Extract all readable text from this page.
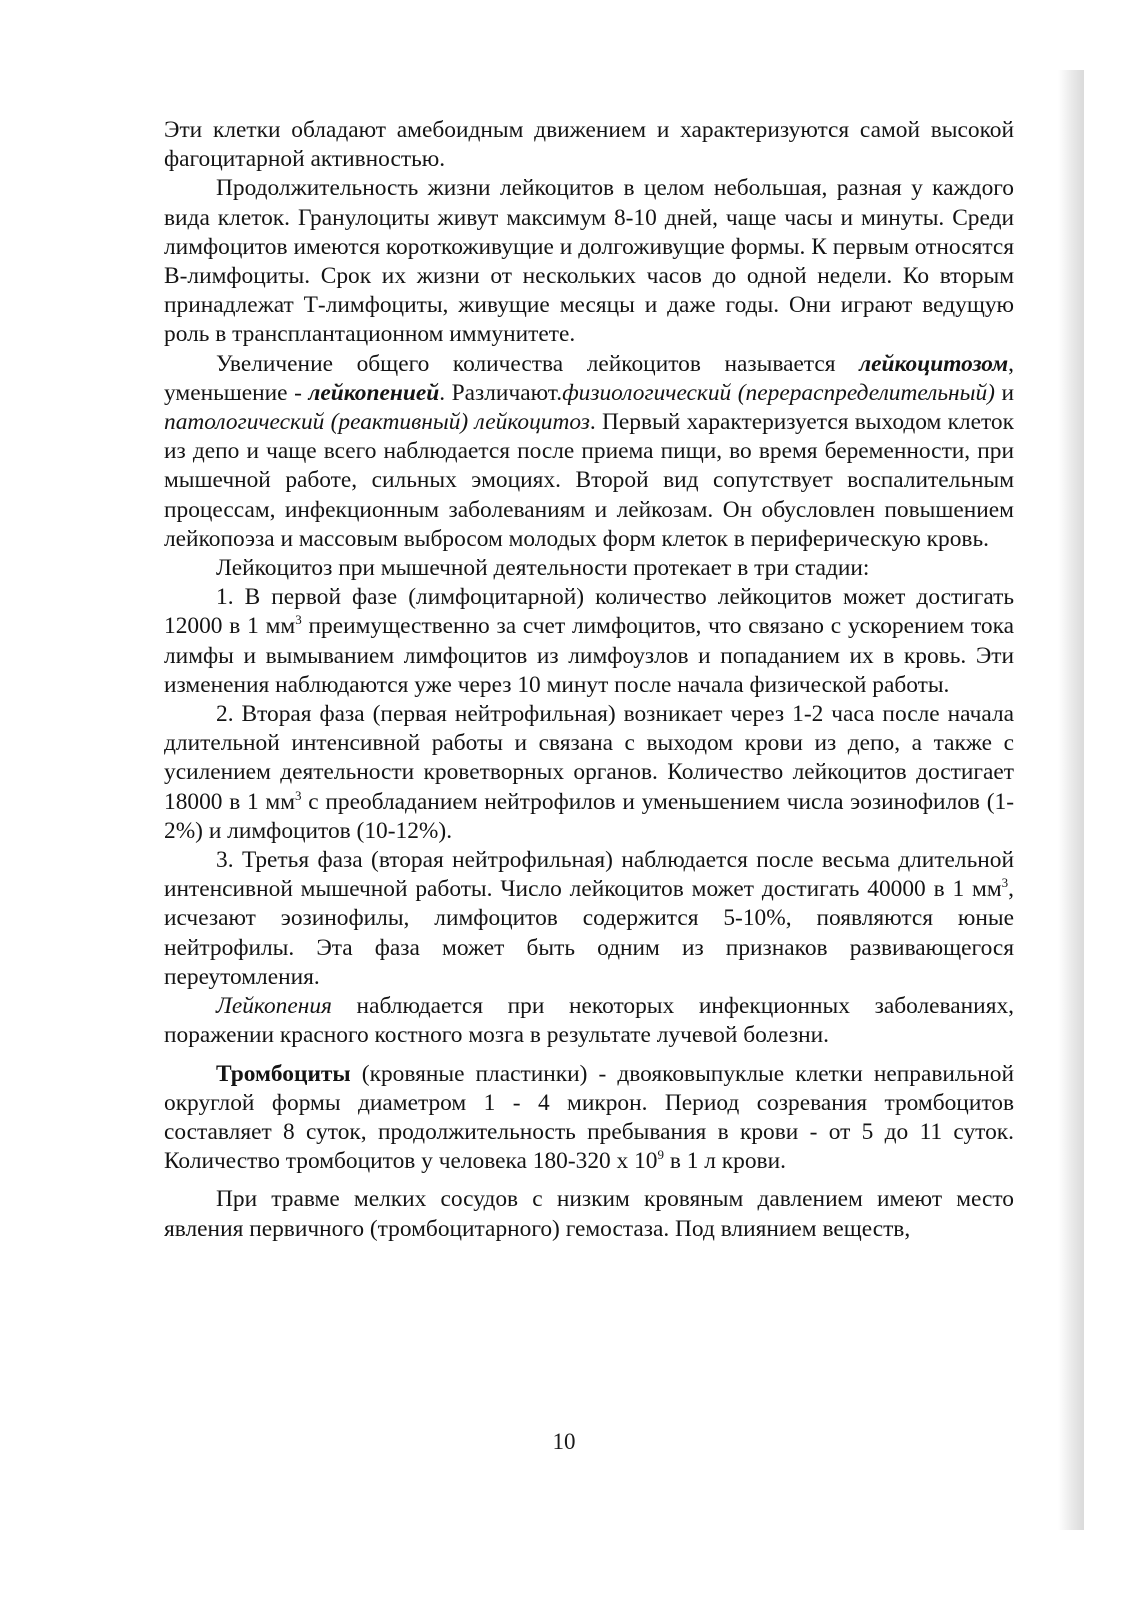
Эти клетки обладают амебоидным движением и характеризуются самой высокой фагоцитарной активностью.

Продолжительность жизни лейкоцитов в целом небольшая, разная у каждого вида клеток. Гранулоциты живут максимум 8-10 дней, чаще часы и минуты. Среди лимфоцитов имеются короткоживущие и долгоживущие формы. К первым относятся В-лимфоциты. Срок их жизни от нескольких часов до одной недели. Ко вторым принадлежат Т-лимфоциты, живущие месяцы и даже годы. Они играют ведущую роль в трансплантационном иммунитете.

Увеличение общего количества лейкоцитов называется лейкоцитозом, уменьшение - лейкопенией. Различают.физиологический (перераспределительный) и патологический (реактивный) лейкоцитоз. Первый характеризуется выходом клеток из депо и чаще всего наблюдается после приема пищи, во время беременности, при мышечной работе, сильных эмоциях. Второй вид сопутствует воспалительным процессам, инфекционным заболеваниям и лейкозам. Он обусловлен повышением лейкопоэза и массовым выбросом молодых форм клеток в периферическую кровь.

Лейкоцитоз при мышечной деятельности протекает в три стадии:

1. В первой фазе (лимфоцитарной) количество лейкоцитов может достигать 12000 в 1 $мм^3$ преимущественно за счет лимфоцитов, что связано с ускорением тока лимфы и вымыванием лимфоцитов из лимфоузлов и попаданием их в кровь. Эти изменения наблюдаются уже через 10 минут после начала физической работы.

2. Вторая фаза (первая нейтрофильная) возникает через 1-2 часа после начала длительной интенсивной работы и связана с выходом крови из депо, а также с усилением деятельности кроветворных органов. Количество лейкоцитов достигает 18000 в 1 $мм^3$ с преобладанием нейтрофилов и уменьшением числа эозинофилов (1-2%) и лимфоцитов (10-12%).

3. Третья фаза (вторая нейтрофильная) наблюдается после весьма длительной интенсивной мышечной работы. Число лейкоцитов может достигать 40000 в 1 $мм^3$, исчезают эозинофилы, лимфоцитов содержится 5-10%, появляются юные нейтрофилы. Эта фаза может быть одним из признаков развивающегося переутомления.

Лейкопения наблюдается при некоторых инфекционных заболеваниях, поражении красного костного мозга в результате лучевой болезни.

Тромбоциты (кровяные пластинки) - двояковыпуклые клетки неправильной округлой формы диаметром 1 - 4 микрон. Период созревания тромбоцитов составляет 8 суток, продолжительность пребывания в крови - от 5 до 11 суток. Количество тромбоцитов у человека 180-320 x $10^9$ в 1 л крови.

При травме мелких сосудов с низким кровяным давлением имеют место явления первичного (тромбоцитарного) гемостаза. Под влиянием веществ,

10
